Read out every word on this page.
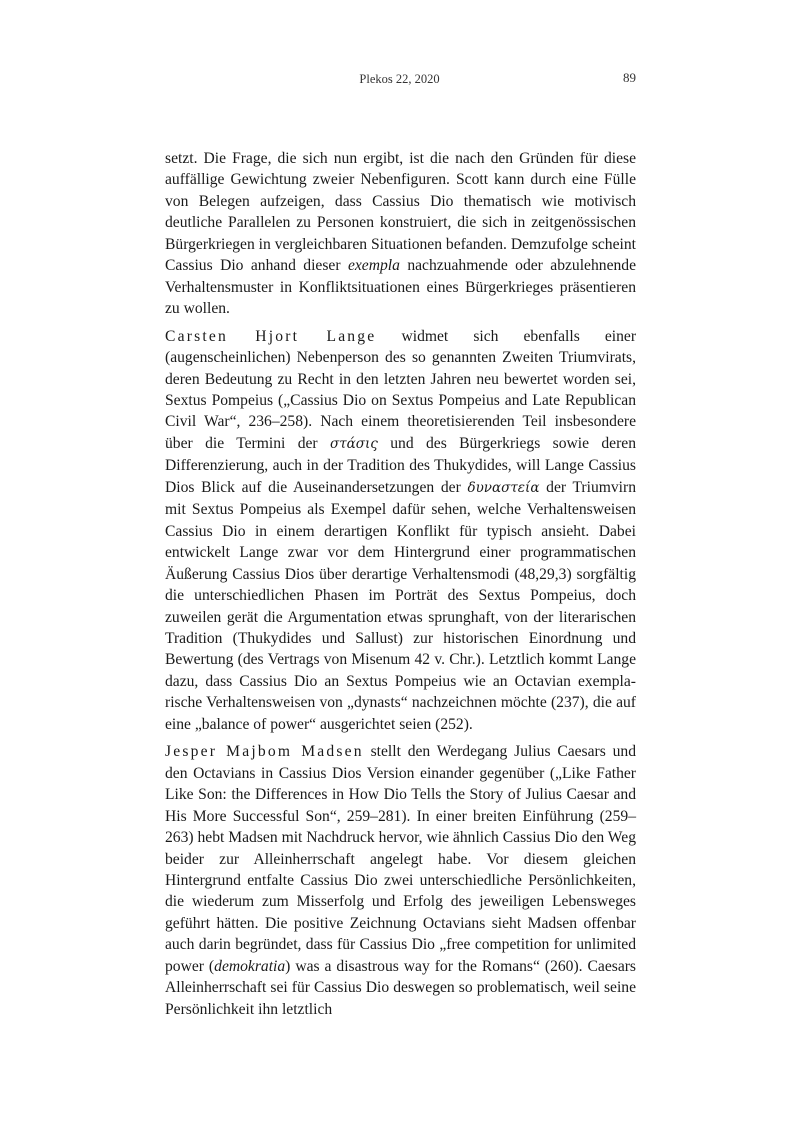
Plekos 22, 2020	89

setzt. Die Frage, die sich nun ergibt, ist die nach den Gründen für diese auffällige Gewichtung zweier Nebenfiguren. Scott kann durch eine Fülle von Belegen aufzeigen, dass Cassius Dio thematisch wie motivisch deutliche Parallelen zu Personen konstruiert, die sich in zeitgenössischen Bürgerkriegen in vergleichbaren Situationen befanden. Demzufolge scheint Cassius Dio anhand dieser exempla nachzuahmende oder abzulehnende Verhaltensmuster in Konfliktsituationen eines Bürgerkrieges präsentieren zu wollen.

Carsten Hjort Lange widmet sich ebenfalls einer (augenscheinlichen) Nebenperson des so genannten Zweiten Triumvirats, deren Bedeutung zu Recht in den letzten Jahren neu bewertet worden sei, Sextus Pompeius („Cassius Dio on Sextus Pompeius and Late Republican Civil War“, 236–258). Nach einem theoretisierenden Teil insbesondere über die Termini der στάσις und des Bürgerkriegs sowie deren Differenzierung, auch in der Tradition des Thukydides, will Lange Cassius Dios Blick auf die Auseinandersetzungen der δυναστεία der Triumvirn mit Sextus Pompeius als Exempel dafür sehen, welche Verhaltensweisen Cassius Dio in einem derartigen Konflikt für typisch ansieht. Dabei entwickelt Lange zwar vor dem Hintergrund einer programmatischen Äußerung Cassius Dios über derartige Verhaltensmodi (48,29,3) sorgfältig die unterschiedlichen Phasen im Porträt des Sextus Pompeius, doch zuweilen gerät die Argumentation etwas sprunghaft, von der literarischen Tradition (Thukydides und Sallust) zur historischen Einordnung und Bewertung (des Vertrags von Misenum 42 v. Chr.). Letztlich kommt Lange dazu, dass Cassius Dio an Sextus Pompeius wie an Octavian exemplarische Verhaltensweisen von „dynasts“ nachzeichnen möchte (237), die auf eine „balance of power“ ausgerichtet seien (252).

Jesper Majbom Madsen stellt den Werdegang Julius Caesars und den Octavians in Cassius Dios Version einander gegenüber („Like Father Like Son: the Differences in How Dio Tells the Story of Julius Caesar and His More Successful Son“, 259–281). In einer breiten Einführung (259–263) hebt Madsen mit Nachdruck hervor, wie ähnlich Cassius Dio den Weg beider zur Alleinherrschaft angelegt habe. Vor diesem gleichen Hintergrund entfalte Cassius Dio zwei unterschiedliche Persönlichkeiten, die wiederum zum Misserfolg und Erfolg des jeweiligen Lebensweges geführt hätten. Die positive Zeichnung Octavians sieht Madsen offenbar auch darin begründet, dass für Cassius Dio „free competition for unlimited power (demokratia) was a disastrous way for the Romans“ (260). Caesars Alleinherrschaft sei für Cassius Dio deswegen so problematisch, weil seine Persönlichkeit ihn letztlich
